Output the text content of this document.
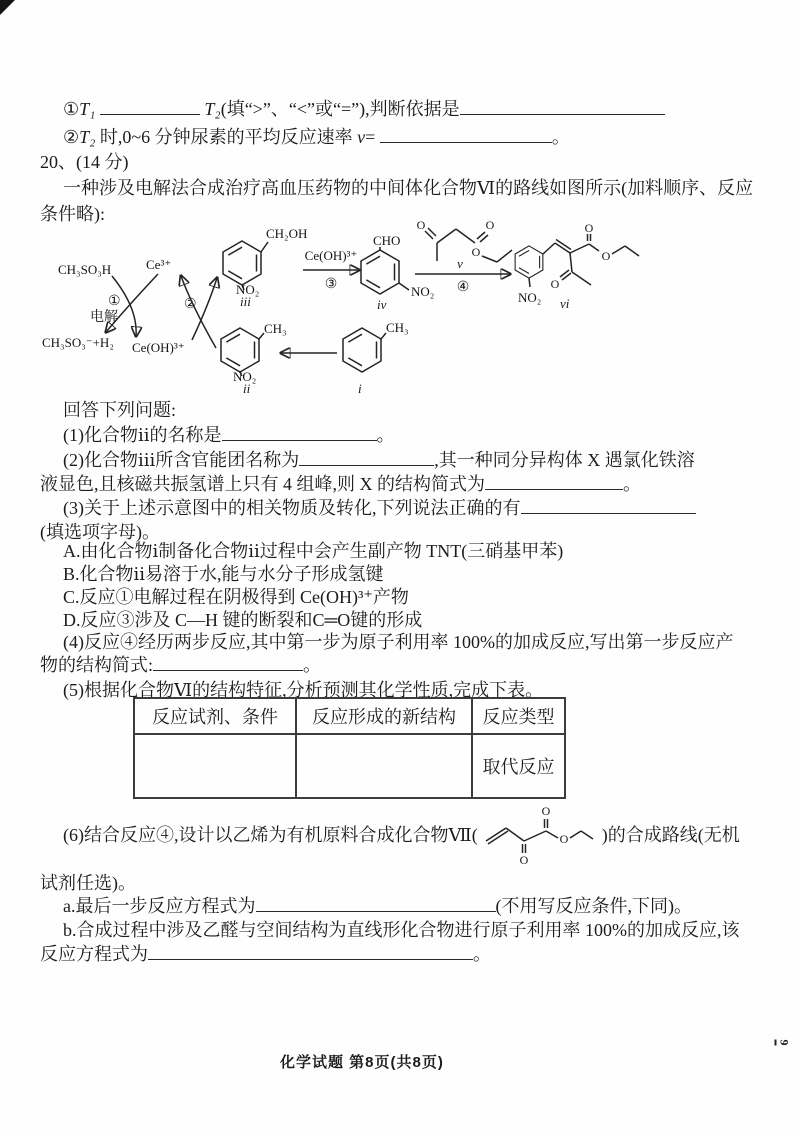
①T₁	T₂(填“>”、“<”或“=”),判断依据是
②T₂ 时,0~6 分钟尿素的平均反应速率 v=	。
20、(14 分)
一种涉及电解法合成治疗高血压药物的中间体化合物Ⅵ的路线如图所示(加料顺序、反应
条件略):
CH₃SO₃H	Ce³⁺
①
电解
CH₃SO₃⁻+H₂ Ce(OH)³⁺
②
CH₂OH
NO₂
iii
CH₃
NO₂
ii
CH₃
i
Ce(OH)³⁺
③
CHO
NO₂
iv
O	O
O
v
④
O
O
O
NO₂ vi
回答下列问题:
(1)化合物ⅱ的名称是	。
(2)化合物ⅲ所含官能团名称为	,其一种同分异构体 X 遇氯化铁溶
液显色,且核磁共振氢谱上只有 4 组峰,则 X 的结构简式为	。
(3)关于上述示意图中的相关物质及转化,下列说法正确的有
(填选项字母)。
A.由化合物ⅰ制备化合物ⅱ过程中会产生副产物 TNT(三硝基甲苯)
B.化合物ⅱ易溶于水,能与水分子形成氢键
C.反应①电解过程在阴极得到 Ce(OH)³⁺产物
D.反应③涉及 C—H 键的断裂和C═O键的形成
(4)反应④经历两步反应,其中第一步为原子利用率 100%的加成反应,写出第一步反应产
物的结构简式:	。
(5)根据化合物Ⅵ的结构特征,分析预测其化学性质,完成下表。
反应试剂、条件	反应形成的新结构	反应类型
		取代反应
(6)结合反应④,设计以乙烯为有机原料合成化合物Ⅶ(
O
O
O )的合成路线(无机
试剂任选)。
a.最后一步反应方程式为	(不用写反应条件,下同)。
b.合成过程中涉及乙醛与空间结构为直线形化合物进行原子利用率 100%的加成反应,该
反应方程式为	。
化学试题 第8页(共8页)
9
